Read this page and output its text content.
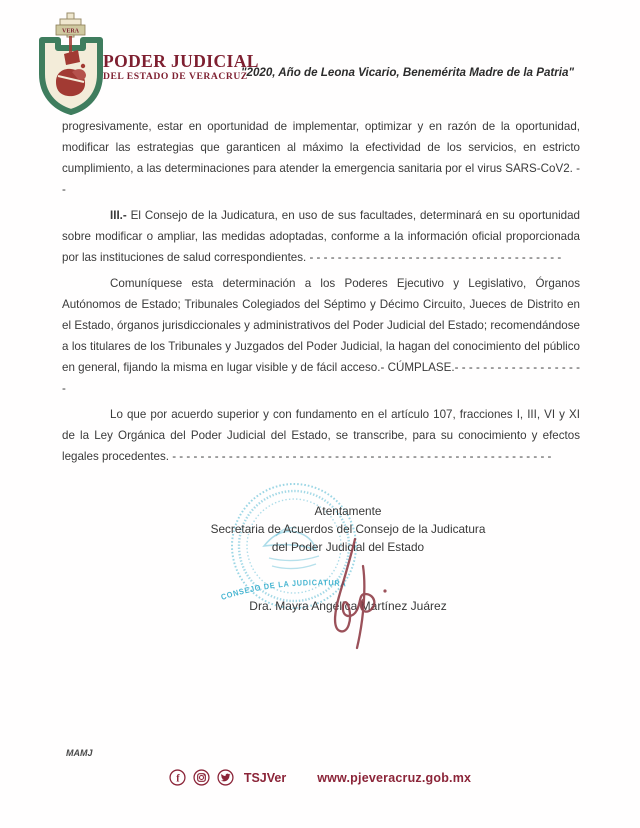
VERA
PODER JUDICIAL
DEL ESTADO DE VERACRUZ
"2020, Año de Leona Vicario, Benemérita Madre de la Patria"

progresivamente, estar en oportunidad de implementar, optimizar y en razón de la oportunidad, modificar las estrategias que garanticen al máximo la efectividad de los servicios, en estricto cumplimiento, a las determinaciones para atender la emergencia sanitaria por el virus SARS-CoV2. - -

III.- El Consejo de la Judicatura, en uso de sus facultades, determinará en su oportunidad sobre modificar o ampliar, las medidas adoptadas, conforme a la información oficial proporcionada por las instituciones de salud correspondientes. - - - - - - - - - - - - - - - - - - - - - - - - - - - - - - - - - - - -

Comuníquese esta determinación a los Poderes Ejecutivo y Legislativo, Órganos Autónomos de Estado; Tribunales Colegiados del Séptimo y Décimo Circuito, Jueces de Distrito en el Estado, órganos jurisdiccionales y administrativos del Poder Judicial del Estado; recomendándose a los titulares de los Tribunales y Juzgados del Poder Judicial, la hagan del conocimiento del público en general, fijando la misma en lugar visible y de fácil acceso.- CÚMPLASE.- - - - - - - - - - - - - - - - - - -

Lo que por acuerdo superior y con fundamento en el artículo 107, fracciones I, III, VI y XI de la Ley Orgánica del Poder Judicial del Estado, se transcribe, para su conocimiento y efectos legales procedentes. - - - - - - - - - - - - - - - - - - - - - - - - - - - - - - - - - - - - - - - - - - - - - - - - - - - - - -

CONSEJO DE LA JUDICATURA
Atentamente
Secretaria de Acuerdos del Consejo de la Judicatura
del Poder Judicial del Estado
Dra. Mayra Angélica Martínez Juárez
MAMJ
f	TSJVer www.pjeveracruz.gob.mx
